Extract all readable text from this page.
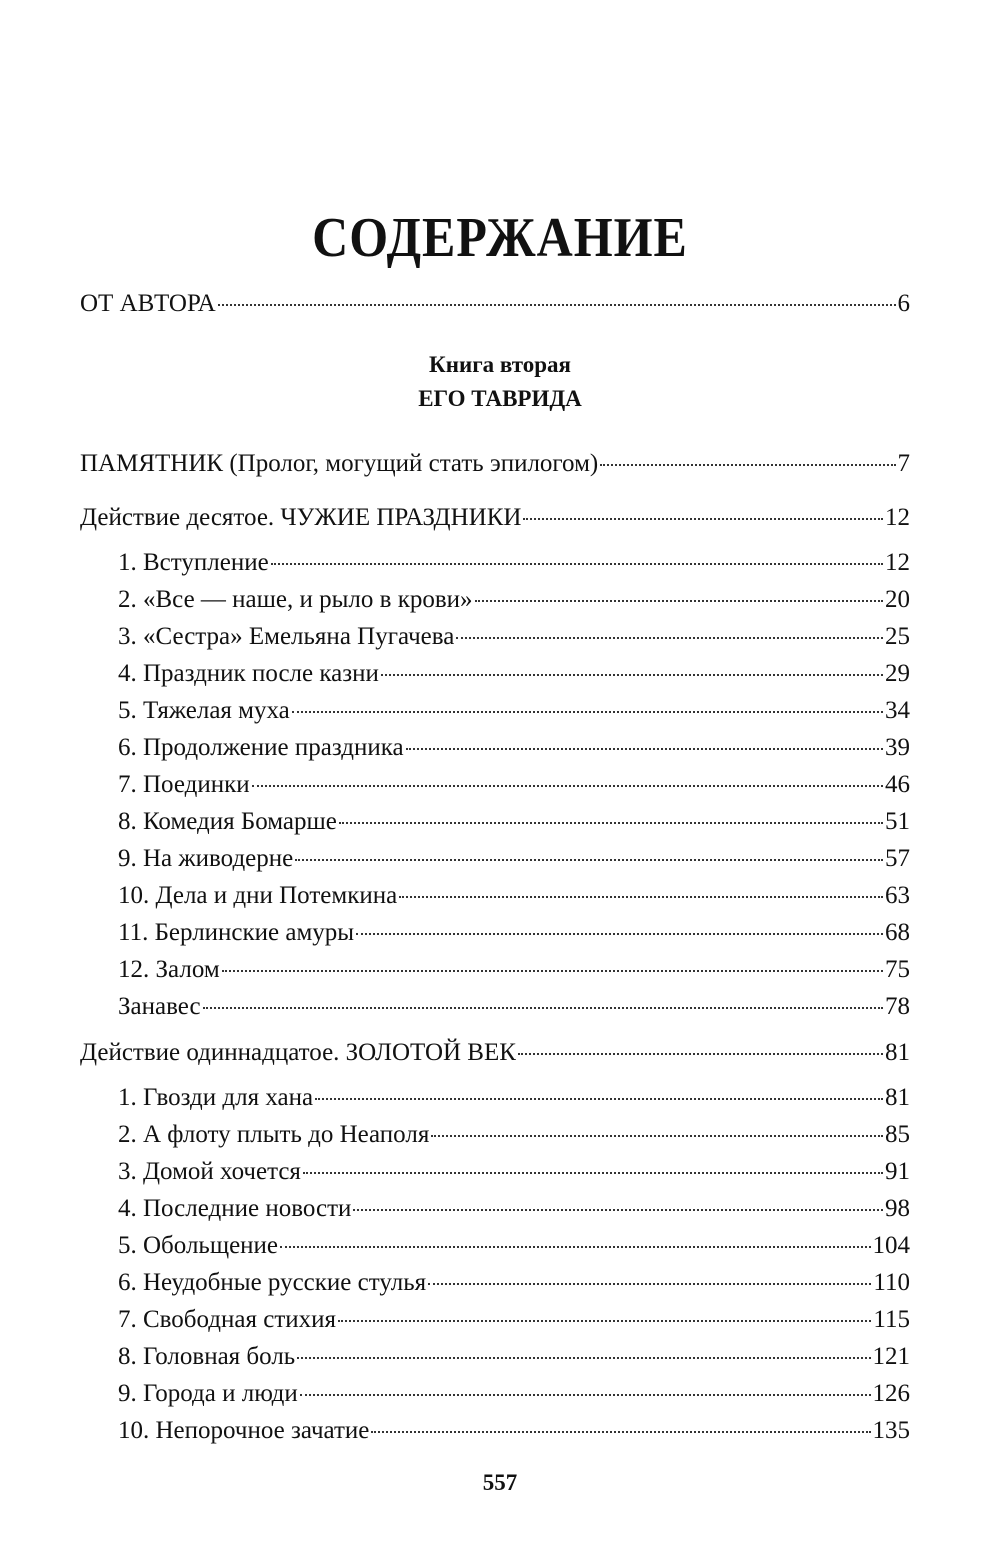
СОДЕРЖАНИЕ
ОТ АВТОРА	6
Книга вторая
ЕГО ТАВРИДА
ПАМЯТНИК (Пролог, могущий стать эпилогом)	7
Действие десятое. ЧУЖИЕ ПРАЗДНИКИ	12
1. Вступление	12
2. «Все — наше, и рыло в крови»	20
3. «Сестра» Емельяна Пугачева	25
4. Праздник после казни	29
5. Тяжелая муха	34
6. Продолжение праздника	39
7. Поединки	46
8. Комедия Бомарше	51
9. На живодерне	57
10. Дела и дни Потемкина	63
11. Берлинские амуры	68
12. Залом	75
Занавес	78
Действие одиннадцатое. ЗОЛОТОЙ ВЕК	81
1. Гвозди для хана	81
2. А флоту плыть до Неаполя	85
3. Домой хочется	91
4. Последние новости	98
5. Обольщение	104
6. Неудобные русские стулья	110
7. Свободная стихия	115
8. Головная боль	121
9. Города и люди	126
10. Непорочное зачатие	135
557
